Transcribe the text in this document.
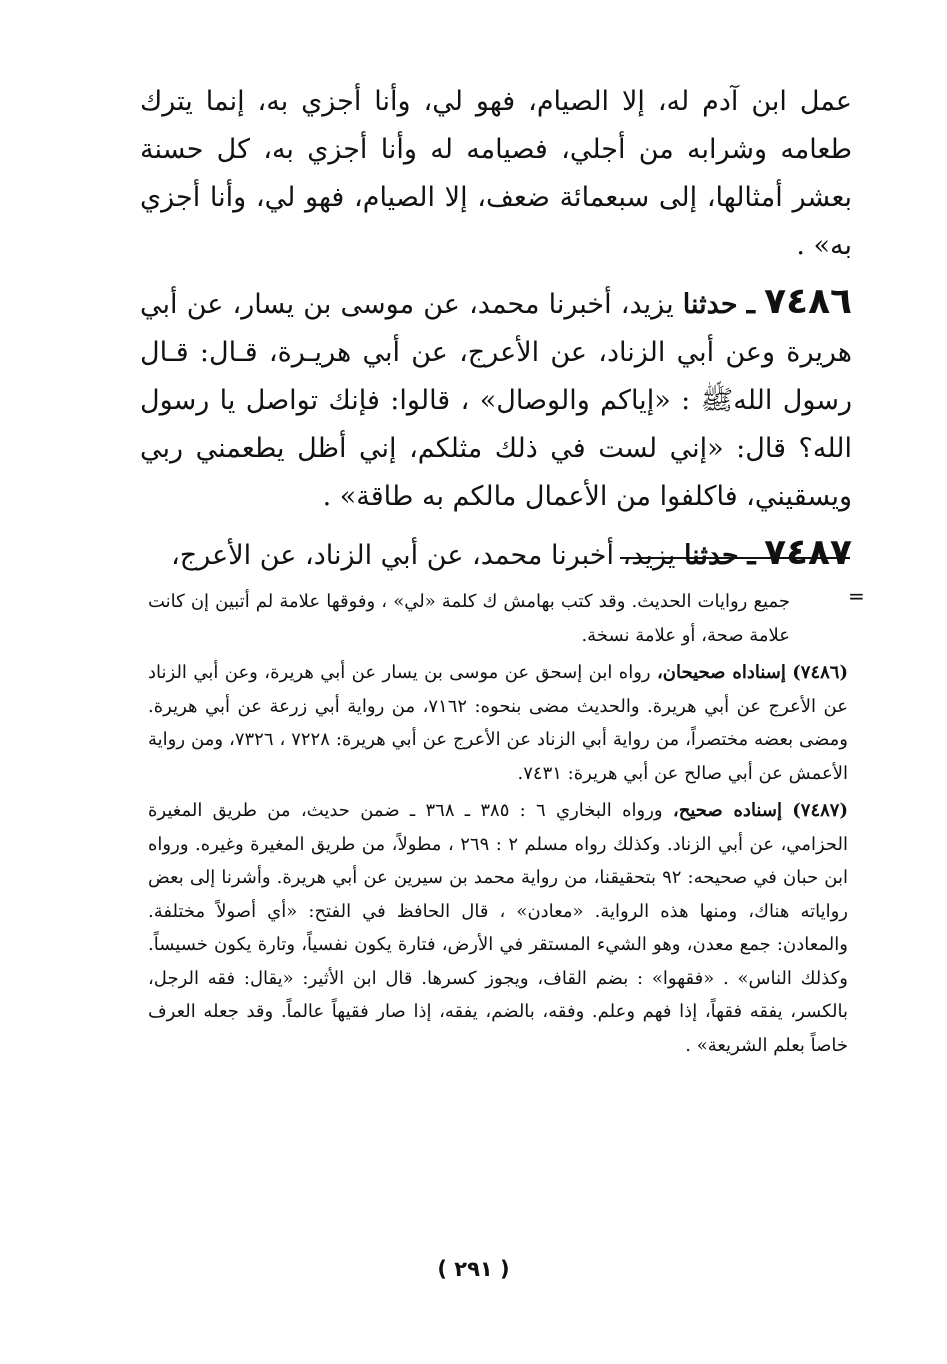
عمل ابن آدم له، إلا الصيام، فهو لي، وأنا أجزي به، إنما يترك طعامه وشرابه من أجلي، فصيامه له وأنا أجزي به، كل حسنة بعشر أمثالها، إلى سبعمائة ضعف، إلا الصيام، فهو لي، وأنا أجزي به» .

٧٤٨٦ ـ حدثنا يزيد، أخبرنا محمد، عن موسى بن يسار، عن أبي هريرة وعن أبي الزناد، عن الأعرج، عن أبي هريـرة، قـال: قـال رسول اللهﷺ : «إياكم والوصال» ، قالوا: فإنك تواصل يا رسول الله؟ قال: «إني لست في ذلك مثلكم، إني أظل يطعمني ربي ويسقيني، فاكلفوا من الأعمال مالكم به طاقة» .

٧٤٨٧ ـ حدثنا يزيد، أخبرنا محمد، عن أبي الزناد، عن الأعرج،

=

جميع روايات الحديث. وقد كتب بهامش ك كلمة «لي» ، وفوقها علامة لم أتبين إن كانت علامة صحة، أو علامة نسخة.

(٧٤٨٦) إسناداه صحيحان، رواه ابن إسحق عن موسى بن يسار عن أبي هريرة، وعن أبي الزناد عن الأعرج عن أبي هريرة. والحديث مضى بنحوه: ٧١٦٢، من رواية أبي زرعة عن أبي هريرة. ومضى بعضه مختصراً، من رواية أبي الزناد عن الأعرج عن أبي هريرة: ٧٢٢٨ ، ٧٣٢٦، ومن رواية الأعمش عن أبي صالح عن أبي هريرة: ٧٤٣١.

(٧٤٨٧) إسناده صحيح، ورواه البخاري ٦ : ٣٨٥ ـ ٣٦٨ ـ ضمن حديث، من طريق المغيرة الحزامي، عن أبي الزناد. وكذلك رواه مسلم ٢ : ٢٦٩ ، مطولاً، من طريق المغيرة وغيره. ورواه ابن حبان في صحيحه: ٩٢ بتحقيقنا، من رواية محمد بن سيرين عن أبي هريرة. وأشرنا إلى بعض رواياته هناك، ومنها هذه الرواية. «معادن» ، قال الحافظ في الفتح: «أي أصولاً مختلفة. والمعادن: جمع معدن، وهو الشيء المستقر في الأرض، فتارة يكون نفسياً، وتارة يكون خسيساً. وكذلك الناس» . «فقهوا» : بضم القاف، ويجوز كسرها. قال ابن الأثير: «يقال: فقه الرجل، بالكسر، يفقه فقهاً، إذا فهم وعلم. وفقه، بالضم، يفقه، إذا صار فقيهاً عالماً. وقد جعله العرف خاصاً بعلم الشريعة» .

( ٢٩١ )
